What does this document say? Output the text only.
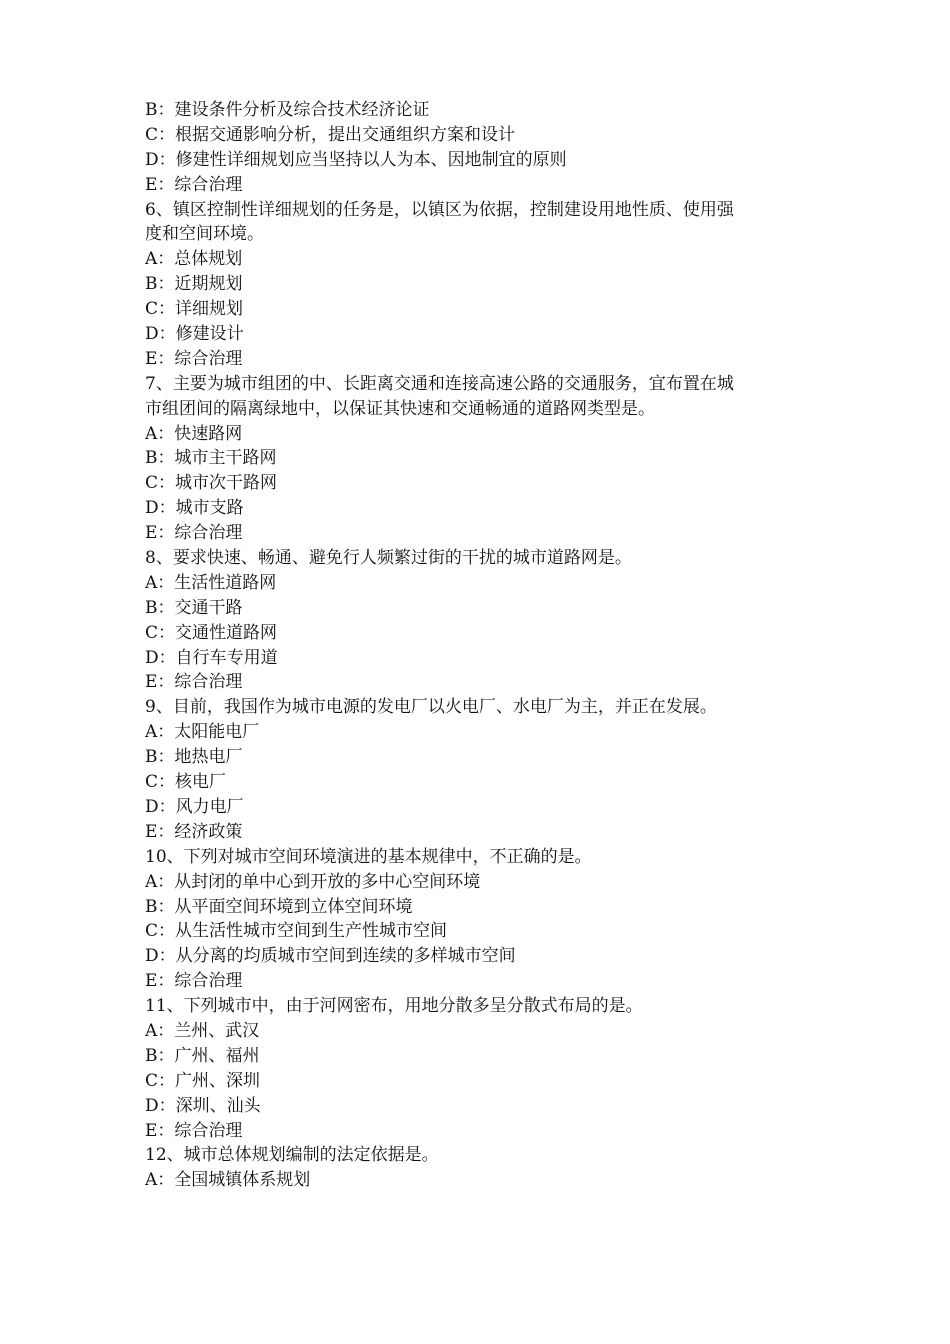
B：建设条件分析及综合技术经济论证

C：根据交通影响分析，提出交通组织方案和设计

D：修建性详细规划应当坚持以人为本、因地制宜的原则

E：综合治理

6、镇区控制性详细规划的任务是，以镇区为依据，控制建设用地性质、使用强

度和空间环境。

A：总体规划

B：近期规划

C：详细规划

D：修建设计

E：综合治理

7、主要为城市组团的中、长距离交通和连接高速公路的交通服务，宜布置在城

市组团间的隔离绿地中，以保证其快速和交通畅通的道路网类型是。

A：快速路网

B：城市主干路网

C：城市次干路网

D：城市支路

E：综合治理

8、要求快速、畅通、避免行人频繁过街的干扰的城市道路网是。

A：生活性道路网

B：交通干路

C：交通性道路网

D：自行车专用道

E：综合治理

9、目前，我国作为城市电源的发电厂以火电厂、水电厂为主，并正在发展。

A：太阳能电厂

B：地热电厂

C：核电厂

D：风力电厂

E：经济政策

10、下列对城市空间环境演进的基本规律中，不正确的是。

A：从封闭的单中心到开放的多中心空间环境

B：从平面空间环境到立体空间环境

C：从生活性城市空间到生产性城市空间

D：从分离的均质城市空间到连续的多样城市空间

E：综合治理

11、下列城市中，由于河网密布，用地分散多呈分散式布局的是。

A：兰州、武汉

B：广州、福州

C：广州、深圳

D：深圳、汕头

E：综合治理

12、城市总体规划编制的法定依据是。

A：全国城镇体系规划
